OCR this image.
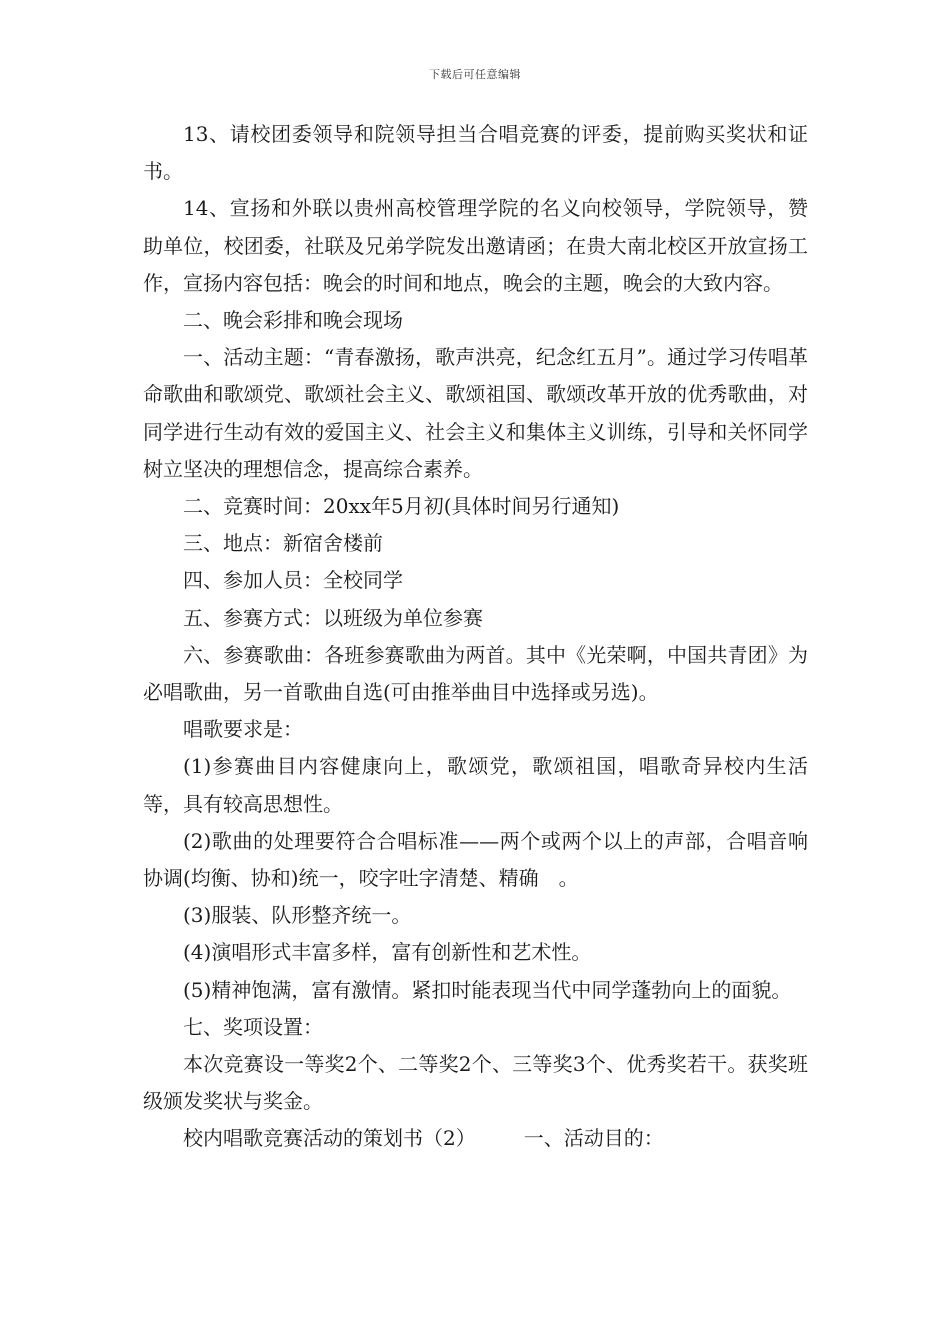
下载后可任意编辑

13、请校团委领导和院领导担当合唱竞赛的评委，提前购买奖状和证书。

14、宣扬和外联以贵州高校管理学院的名义向校领导，学院领导，赞助单位，校团委，社联及兄弟学院发出邀请函；在贵大南北校区开放宣扬工作，宣扬内容包括：晚会的时间和地点，晚会的主题，晚会的大致内容。

二、晚会彩排和晚会现场

一、活动主题：“青春激扬，歌声洪亮，纪念红五月”。通过学习传唱革命歌曲和歌颂党、歌颂社会主义、歌颂祖国、歌颂改革开放的优秀歌曲，对同学进行生动有效的爱国主义、社会主义和集体主义训练，引导和关怀同学树立坚决的理想信念，提高综合素养。

二、竞赛时间：20xx年5月初(具体时间另行通知)

三、地点：新宿舍楼前

四、参加人员：全校同学

五、参赛方式：以班级为单位参赛

六、参赛歌曲：各班参赛歌曲为两首。其中《光荣啊，中国共青团》为必唱歌曲，另一首歌曲自选(可由推举曲目中选择或另选)。

唱歌要求是：

(1)参赛曲目内容健康向上，歌颂党，歌颂祖国，唱歌奇异校内生活等，具有较高思想性。

(2)歌曲的处理要符合合唱标准——两个或两个以上的声部，合唱音响协调(均衡、协和)统一，咬字吐字清楚、精确　。

(3)服装、队形整齐统一。

(4)演唱形式丰富多样，富有创新性和艺术性。

(5)精神饱满，富有激情。紧扣时能表现当代中同学蓬勃向上的面貌。

七、奖项设置：

本次竞赛设一等奖2个、二等奖2个、三等奖3个、优秀奖若干。获奖班级颁发奖状与奖金。

校内唱歌竞赛活动的策划书（2） 一、活动目的：
